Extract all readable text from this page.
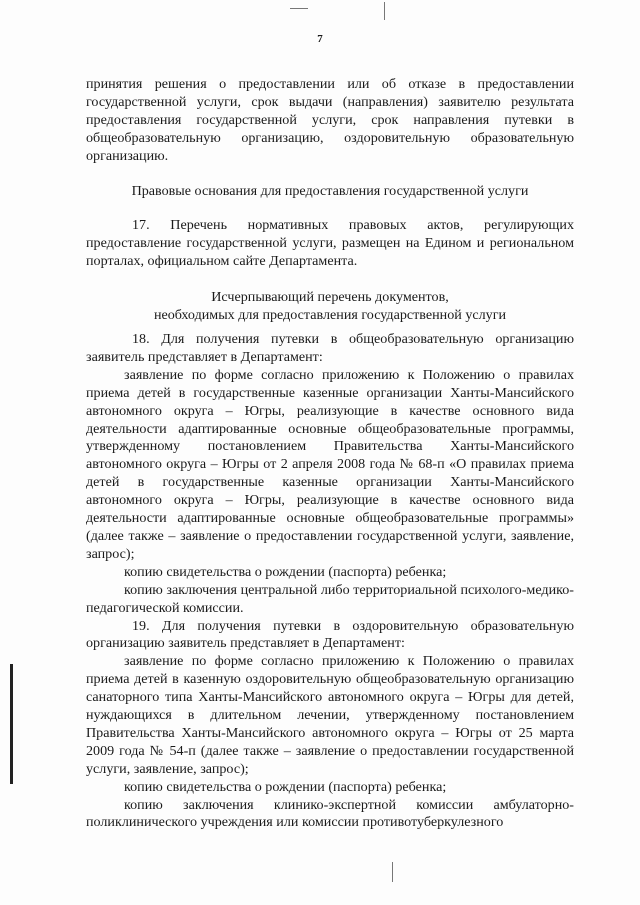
7

принятия решения о предоставлении или об отказе в предоставлении государственной услуги, срок выдачи (направления) заявителю результата предоставления государственной услуги, срок направления путевки в общеобразовательную организацию, оздоровительную образовательную организацию.

Правовые основания для предоставления государственной услуги

17. Перечень нормативных правовых актов, регулирующих предоставление государственной услуги, размещен на Едином и региональном порталах, официальном сайте Департамента.

Исчерпывающий перечень документов,
необходимых для предоставления государственной услуги

18. Для получения путевки в общеобразовательную организацию заявитель представляет в Департамент:

заявление по форме согласно приложению к Положению о правилах приема детей в государственные казенные организации Ханты-Мансийского автономного округа – Югры, реализующие в качестве основного вида деятельности адаптированные основные общеобразовательные программы, утвержденному постановлением Правительства Ханты-Мансийского автономного округа – Югры от 2 апреля 2008 года № 68-п «О правилах приема детей в государственные казенные организации Ханты-Мансийского автономного округа – Югры, реализующие в качестве основного вида деятельности адаптированные основные общеобразовательные программы» (далее также – заявление о предоставлении государственной услуги, заявление, запрос);

копию свидетельства о рождении (паспорта) ребенка;

копию заключения центральной либо территориальной психолого-медико-педагогической комиссии.

19. Для получения путевки в оздоровительную образовательную организацию заявитель представляет в Департамент:

заявление по форме согласно приложению к Положению о правилах приема детей в казенную оздоровительную общеобразовательную организацию санаторного типа Ханты-Мансийского автономного округа – Югры для детей, нуждающихся в длительном лечении, утвержденному постановлением Правительства Ханты-Мансийского автономного округа – Югры от 25 марта 2009 года № 54-п (далее также – заявление о предоставлении государственной услуги, заявление, запрос);

копию свидетельства о рождении (паспорта) ребенка;

копию заключения клинико-экспертной комиссии амбулаторно-поликлинического учреждения или комиссии противотуберкулезного
